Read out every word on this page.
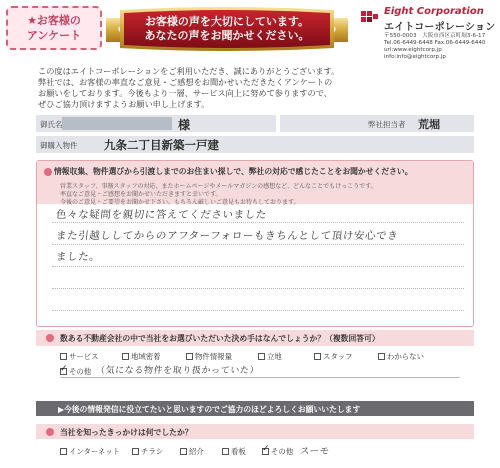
★お客様の
アンケート
お客様の声を大切にしています。
あなたの声をお聞かせください。
Eight Corporation
エイトコーポレーション
〒550-0003　大阪市西区京町堀3-6-17
Tel.06-6449-6448 Fax.06-6449-6440
url:www.eightcorp.jp
info:info@eightcorp.jp
この度はエイトコーポレーションをご利用いただき、誠にありがとうございます。
弊社では、お客様の率直なご意見・ご感想をお聞かせいただきたくアンケートの
お願いをしております。今後もより一層、サービス向上に努めて参りますので、
ぜひご協力頂けますようお願い申し上げます。
御氏名	様	弊社担当者 荒堀
御購入物件 九条二丁目新築一戸建
情報収集、物件選びから引渡しまでのお住まい探しで、弊社の対応で感じたことをお聞かせください。
営業スタッフ、事務スタッフの対応、またホームページやメールマガジンの感想など、どんなことでもけっこうです。
率直なご意見・ご感想をお聞かせいただきますと幸いです。
今後のご意見・ご要望をお聞かせ下さい。もちろん厳しいご意見もお待ちしております。
色々な疑問を親切に答えてくださいました
また引越ししてからのアフターフォローもきちんとして頂け安心でき
ました。
数ある不動産会社の中で当社をお選びいただいた決め手はなんでしょうか？（複数回答可）
サービス	地域密着	物件情報量	立地	スタッフ	わからない
✓
その他 （気になる物件を取り扱かっていた）
▶今後の情報発信に役立てたいと思いますのでご協力のほどよろしくお願いいたします
当社を知ったきっかけは何でしたか？
インターネット	チラシ	紹介	看板
✓	その他 スーモ
